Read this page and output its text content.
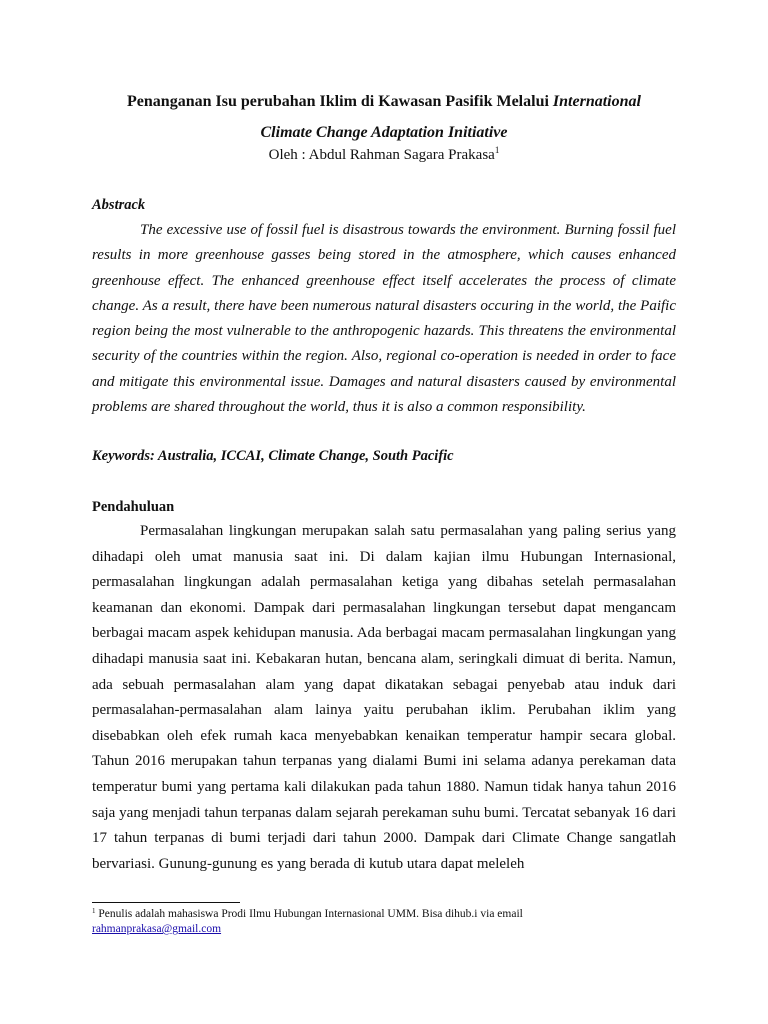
Penanganan Isu perubahan Iklim di Kawasan Pasifik Melalui International
Climate Change Adaptation Initiative
Oleh : Abdul Rahman Sagara Prakasa$^1$
Abstrack
The excessive use of fossil fuel is disastrous towards the environment. Burning fossil fuel results in more greenhouse gasses being stored in the atmosphere, which causes enhanced greenhouse effect. The enhanced greenhouse effect itself accelerates the process of climate change. As a result, there have been numerous natural disasters occuring in the world, the Paific region being the most vulnerable to the anthropogenic hazards. This threatens the environmental security of the countries within the region. Also, regional co-operation is needed in order to face and mitigate this environmental issue. Damages and natural disasters caused by environmental problems are shared throughout the world, thus it is also a common responsibility.
Keywords: Australia, ICCAI, Climate Change, South Pacific
Pendahuluan
Permasalahan lingkungan merupakan salah satu permasalahan yang paling serius yang dihadapi oleh umat manusia saat ini. Di dalam kajian ilmu Hubungan Internasional, permasalahan lingkungan adalah permasalahan ketiga yang dibahas setelah permasalahan keamanan dan ekonomi. Dampak dari permasalahan lingkungan tersebut dapat mengancam berbagai macam aspek kehidupan manusia. Ada berbagai macam permasalahan lingkungan yang dihadapi manusia saat ini. Kebakaran hutan, bencana alam, seringkali dimuat di berita. Namun, ada sebuah permasalahan alam yang dapat dikatakan sebagai penyebab atau induk dari permasalahan-permasalahan alam lainya yaitu perubahan iklim. Perubahan iklim yang disebabkan oleh efek rumah kaca menyebabkan kenaikan temperatur hampir secara global. Tahun 2016 merupakan tahun terpanas yang dialami Bumi ini selama adanya perekaman data temperatur bumi yang pertama kali dilakukan pada tahun 1880. Namun tidak hanya tahun 2016 saja yang menjadi tahun terpanas dalam sejarah perekaman suhu bumi. Tercatat sebanyak 16 dari 17 tahun terpanas di bumi terjadi dari tahun 2000. Dampak dari Climate Change sangatlah bervariasi. Gunung-gunung es yang berada di kutub utara dapat meleleh
$^1$ Penulis adalah mahasiswa Prodi Ilmu Hubungan Internasional UMM. Bisa dihub.i via email
rahmanprakasa@gmail.com
